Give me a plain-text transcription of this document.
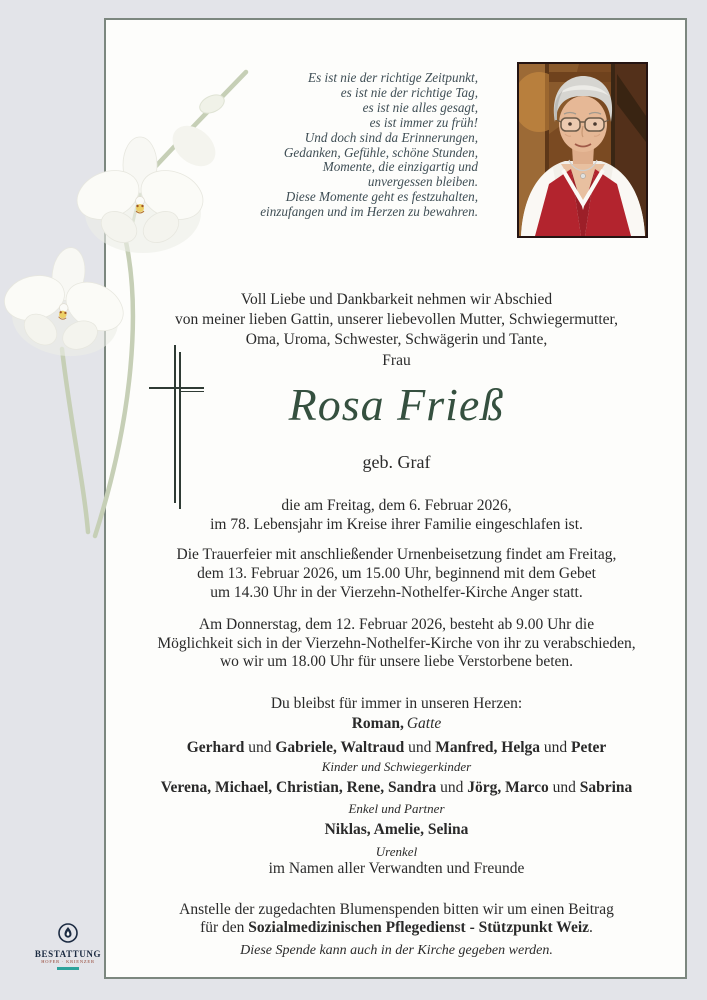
Es ist nie der richtige Zeitpunkt,
es ist nie der richtige Tag,
es ist nie alles gesagt,
es ist immer zu früh!
Und doch sind da Erinnerungen,
Gedanken, Gefühle, schöne Stunden,
Momente, die einzigartig und
unvergessen bleiben.
Diese Momente geht es festzuhalten,
einzufangen und im Herzen zu bewahren.
Voll Liebe und Dankbarkeit nehmen wir Abschied
von meiner lieben Gattin, unserer liebevollen Mutter, Schwiegermutter,
Oma, Uroma, Schwester, Schwägerin und Tante,
Frau
Rosa Frieß
geb. Graf
die am Freitag, dem 6. Februar 2026,
im 78. Lebensjahr im Kreise ihrer Familie eingeschlafen ist.
Die Trauerfeier mit anschließender Urnenbeisetzung findet am Freitag,
dem 13. Februar 2026, um 15.00 Uhr, beginnend mit dem Gebet
um 14.30 Uhr in der Vierzehn-Nothelfer-Kirche Anger statt.
Am Donnerstag, dem 12. Februar 2026, besteht ab 9.00 Uhr die
Möglichkeit sich in der Vierzehn-Nothelfer-Kirche von ihr zu verabschieden,
wo wir um 18.00 Uhr für unsere liebe Verstorbene beten.
Du bleibst für immer in unseren Herzen:
Roman, Gatte
Gerhard und Gabriele, Waltraud und Manfred, Helga und Peter
Kinder und Schwiegerkinder
Verena, Michael, Christian, Rene, Sandra und Jörg, Marco und Sabrina
Enkel und Partner
Niklas, Amelie, Selina
Urenkel
im Namen aller Verwandten und Freunde
Anstelle der zugedachten Blumenspenden bitten wir um einen Beitrag
für den Sozialmedizinischen Pflegedienst - Stützpunkt Weiz.
Diese Spende kann auch in der Kirche gegeben werden.
BESTATTUNG
HOFER · KRIENZER
